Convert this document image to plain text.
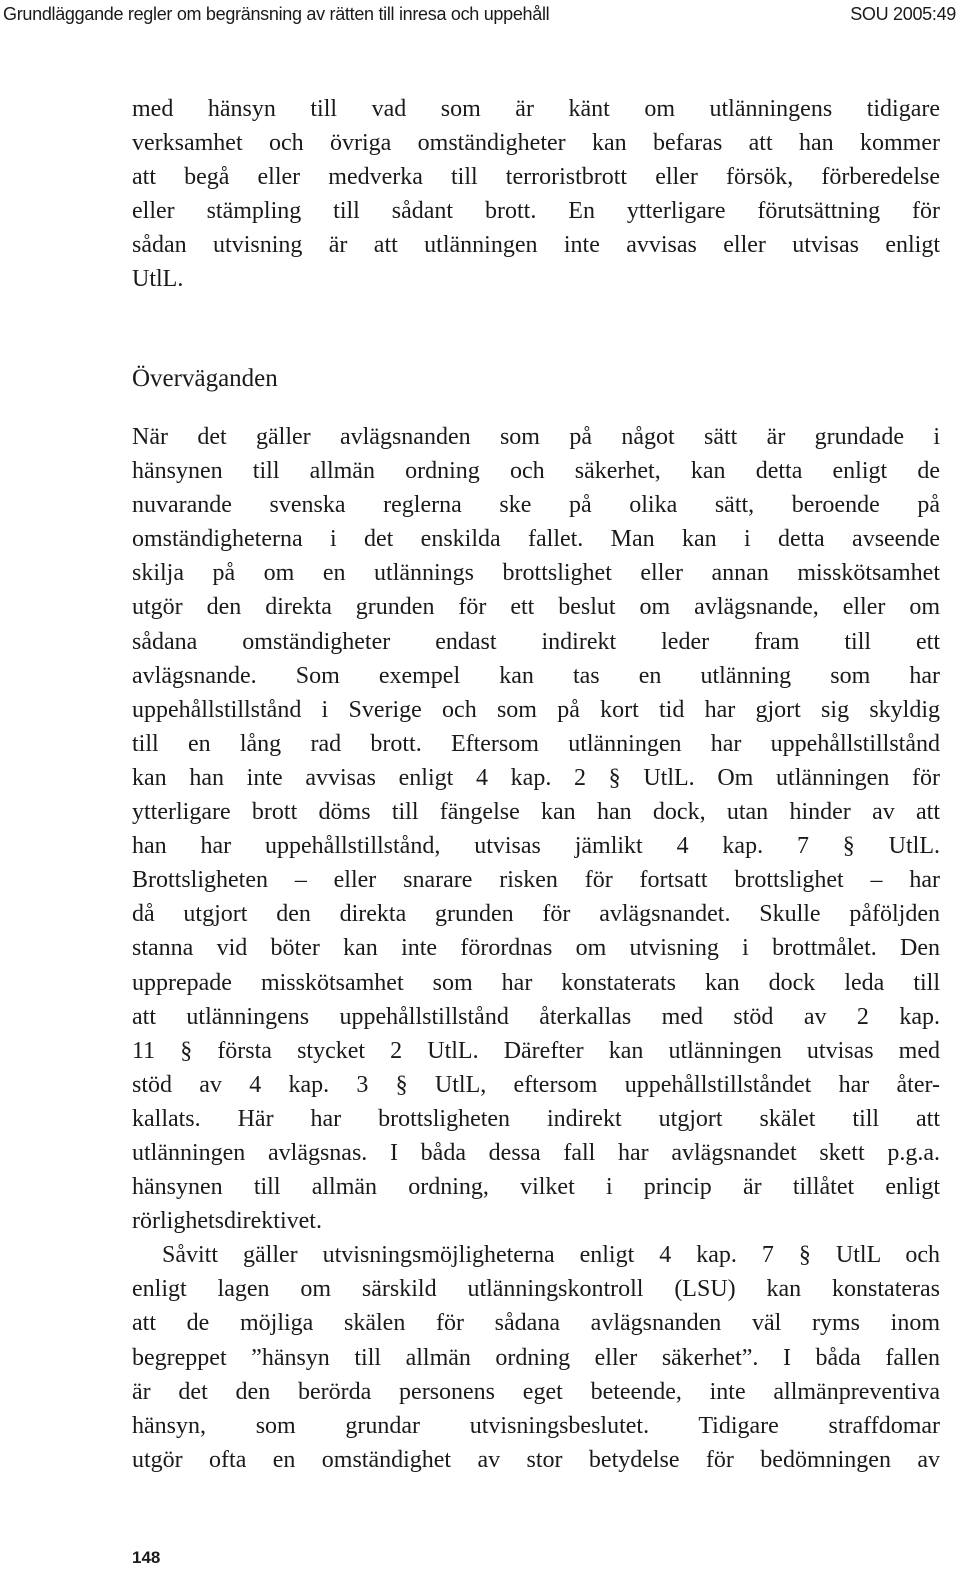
Grundläggande regler om begränsning av rätten till inresa och uppehåll	SOU 2005:49
med hänsyn till vad som är känt om utlänningens tidigare
verksamhet och övriga omständigheter kan befaras att han kommer
att begå eller medverka till terroristbrott eller försök, förberedelse
eller stämpling till sådant brott. En ytterligare förutsättning för
sådan utvisning är att utlänningen inte avvisas eller utvisas enligt
UtlL.
Överväganden
När det gäller avlägsnanden som på något sätt är grundade i
hänsynen till allmän ordning och säkerhet, kan detta enligt de
nuvarande svenska reglerna ske på olika sätt, beroende på
omständigheterna i det enskilda fallet. Man kan i detta avseende
skilja på om en utlännings brottslighet eller annan misskötsamhet
utgör den direkta grunden för ett beslut om avlägsnande, eller om
sådana omständigheter endast indirekt leder fram till ett
avlägsnande. Som exempel kan tas en utlänning som har
uppehållstillstånd i Sverige och som på kort tid har gjort sig skyldig
till en lång rad brott. Eftersom utlänningen har uppehållstillstånd
kan han inte avvisas enligt 4 kap. 2 § UtlL. Om utlänningen för
ytterligare brott döms till fängelse kan han dock, utan hinder av att
han har uppehållstillstånd, utvisas jämlikt 4 kap. 7 § UtlL.
Brottsligheten – eller snarare risken för fortsatt brottslighet – har
då utgjort den direkta grunden för avlägsnandet. Skulle påföljden
stanna vid böter kan inte förordnas om utvisning i brottmålet. Den
upprepade misskötsamhet som har konstaterats kan dock leda till
att utlänningens uppehållstillstånd återkallas med stöd av 2 kap.
11 § första stycket 2 UtlL. Därefter kan utlänningen utvisas med
stöd av 4 kap. 3 § UtlL, eftersom uppehållstillståndet har åter-
kallats. Här har brottsligheten indirekt utgjort skälet till att
utlänningen avlägsnas. I båda dessa fall har avlägsnandet skett p.g.a.
hänsynen till allmän ordning, vilket i princip är tillåtet enligt
rörlighetsdirektivet.
Såvitt gäller utvisningsmöjligheterna enligt 4 kap. 7 § UtlL och
enligt lagen om särskild utlänningskontroll (LSU) kan konstateras
att de möjliga skälen för sådana avlägsnanden väl ryms inom
begreppet ”hänsyn till allmän ordning eller säkerhet”. I båda fallen
är det den berörda personens eget beteende, inte allmänpreventiva
hänsyn, som grundar utvisningsbeslutet. Tidigare straffdomar
utgör ofta en omständighet av stor betydelse för bedömningen av
148
